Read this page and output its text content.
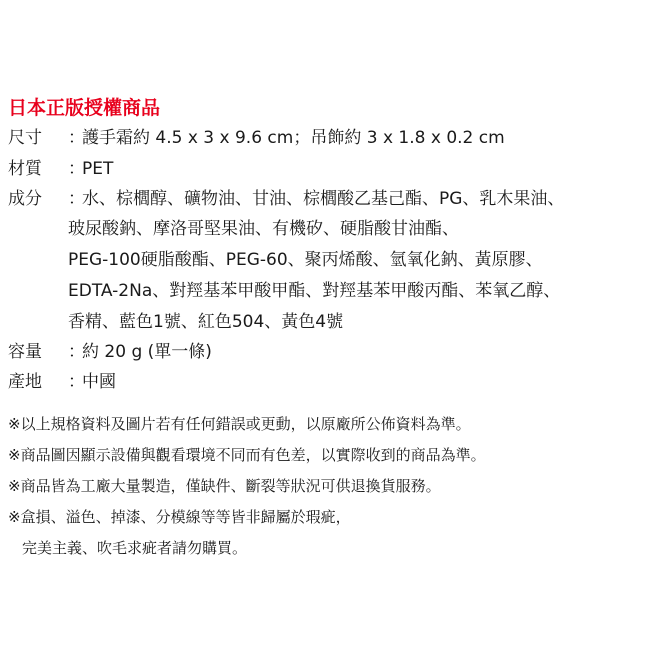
日本正版授權商品
尺寸 ：護手霜約 4.5 x 3 x 9.6 cm；吊飾約 3 x 1.8 x 0.2 cm
材質 ：PET
成分 ：水、棕櫚醇、礦物油、甘油、棕櫚酸乙基己酯、PG、乳木果油、
玻尿酸鈉、摩洛哥堅果油、有機矽、硬脂酸甘油酯、
PEG-100硬脂酸酯、PEG-60、聚丙烯酸、氫氧化鈉、黃原膠、
EDTA-2Na、對羥基苯甲酸甲酯、對羥基苯甲酸丙酯、苯氧乙醇、
香精、藍色1號、紅色504、黃色4號
容量 ：約 20 g (單一條)
產地 ：中國
※以上規格資料及圖片若有任何錯誤或更動，以原廠所公佈資料為準。
※商品圖因顯示設備與觀看環境不同而有色差，以實際收到的商品為準。
※商品皆為工廠大量製造，僅缺件、斷裂等狀況可供退換貨服務。
※盒損、溢色、掉漆、分模線等等皆非歸屬於瑕疵，
完美主義、吹毛求疵者請勿購買。
